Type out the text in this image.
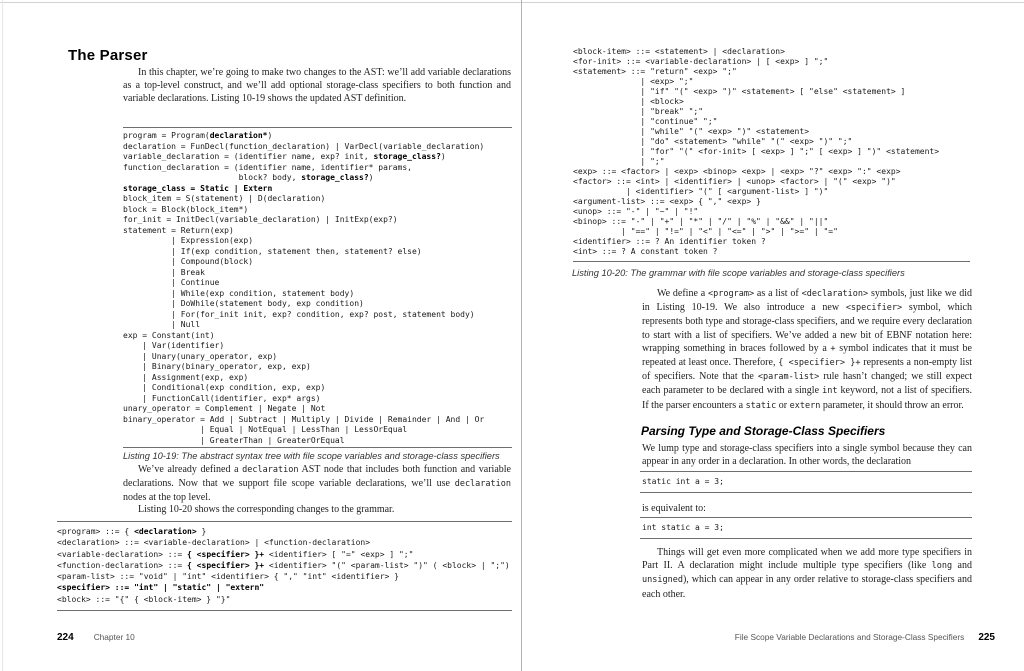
The Parser

In this chapter, we’re going to make two changes to the AST: we’ll add variable declarations as a top-level construct, and we’ll add optional storage-class specifiers to both function and variable declarations. Listing 10-19 shows the updated AST definition.

program = Program(declaration*)
declaration = FunDecl(function_declaration) | VarDecl(variable_declaration)
variable_declaration = (identifier name, exp? init, storage_class?)
function_declaration = (identifier name, identifier* params,
block? body, storage_class?)
storage_class = Static | Extern
block_item = S(statement) | D(declaration)
block = Block(block_item*)
for_init = InitDecl(variable_declaration) | InitExp(exp?)
statement = Return(exp)
| Expression(exp)
| If(exp condition, statement then, statement? else)
| Compound(block)
| Break
| Continue
| While(exp condition, statement body)
| DoWhile(statement body, exp condition)
| For(for_init init, exp? condition, exp? post, statement body)
| Null
exp = Constant(int)
| Var(identifier)
| Unary(unary_operator, exp)
| Binary(binary_operator, exp, exp)
| Assignment(exp, exp)
| Conditional(exp condition, exp, exp)
| FunctionCall(identifier, exp* args)
unary_operator = Complement | Negate | Not
binary_operator = Add | Subtract | Multiply | Divide | Remainder | And | Or
| Equal | NotEqual | LessThan | LessOrEqual
| GreaterThan | GreaterOrEqual

Listing 10-19: The abstract syntax tree with file scope variables and storage-class specifiers

We’ve already defined a declaration AST node that includes both function and variable declarations. Now that we support file scope variable declarations, we’ll use declaration nodes at the top level.

Listing 10-20 shows the corresponding changes to the grammar.

<program> ::= { <declaration> }
<declaration> ::= <variable-declaration> | <function-declaration>
<variable-declaration> ::= { <specifier> }+ <identifier> [ "=" <exp> ] ";"
<function-declaration> ::= { <specifier> }+ <identifier> "(" <param-list> ")" ( <block> | ";")
<param-list> ::= "void" | "int" <identifier> { "," "int" <identifier> }
<specifier> ::= "int" | "static" | "extern"
<block> ::= "{" { <block-item> } "}"
224 Chapter 10
<block-item> ::= <statement> | <declaration>
<for-init> ::= <variable-declaration> | [ <exp> ] ";"
<statement> ::= "return" <exp> ";"
| <exp> ";"
| "if" "(" <exp> ")" <statement> [ "else" <statement> ]
| <block>
| "break" ";"
| "continue" ";"
| "while" "(" <exp> ")" <statement>
| "do" <statement> "while" "(" <exp> ")" ";"
| "for" "(" <for-init> [ <exp> ] ";" [ <exp> ] ")" <statement>
| ";"
<exp> ::= <factor> | <exp> <binop> <exp> | <exp> "?" <exp> ":" <exp>
<factor> ::= <int> | <identifier> | <unop> <factor> | "(" <exp> ")"
| <identifier> "(" [ <argument-list> ] ")"
<argument-list> ::= <exp> { "," <exp> }
<unop> ::= "-" | "~" | "!"
<binop> ::= "-" | "+" | "*" | "/" | "%" | "&&" | "||"
| "==" | "!=" | "<" | "<=" | ">" | ">=" | "="
<identifier> ::= ? An identifier token ?
<int> ::= ? A constant token ?

Listing 10-20: The grammar with file scope variables and storage-class specifiers

We define a <program> as a list of <declaration> symbols, just like we did in Listing 10-19. We also introduce a new <specifier> symbol, which represents both type and storage-class specifiers, and we require every declaration to start with a list of specifiers. We’ve added a new bit of EBNF notation here: wrapping something in braces followed by a + symbol indicates that it must be repeated at least once. Therefore, { <specifier> }+ represents a non-empty list of specifiers. Note that the <param-list> rule hasn’t changed; we still expect each parameter to be declared with a single int keyword, not a list of specifiers. If the parser encounters a static or extern parameter, it should throw an error.

Parsing Type and Storage-Class Specifiers

We lump type and storage-class specifiers into a single symbol because they can appear in any order in a declaration. In other words, the declaration

static int a = 3;

is equivalent to:

int static a = 3;

Things will get even more complicated when we add more type specifiers in Part II. A declaration might include multiple type specifiers (like long and unsigned), which can appear in any order relative to storage-class specifiers and each other.

File Scope Variable Declarations and Storage-Class Specifiers 225
